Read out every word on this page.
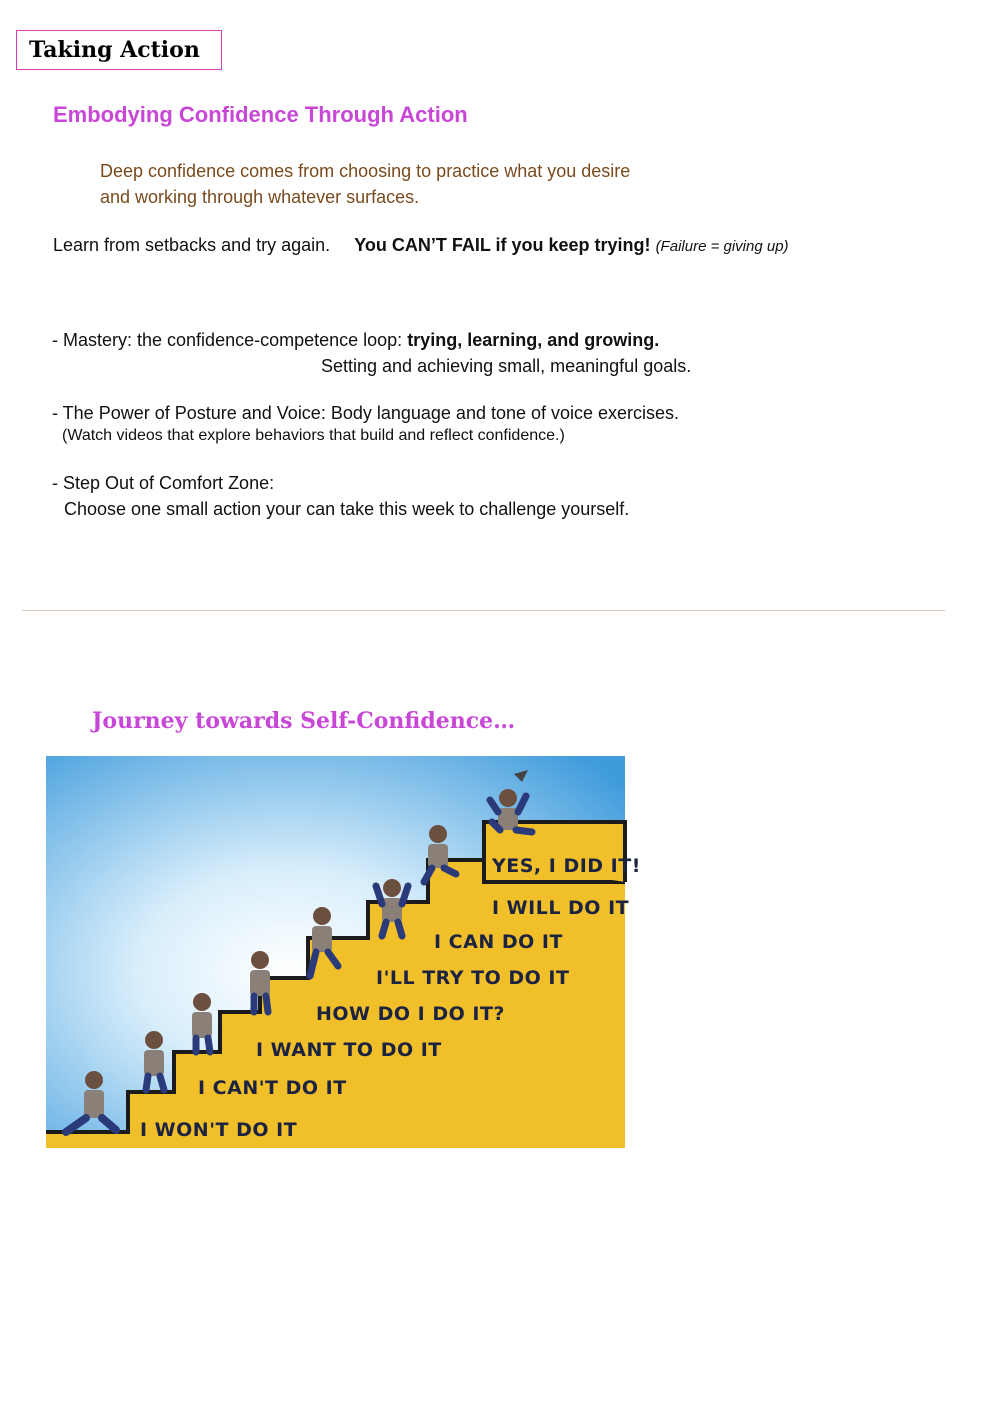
Taking Action
Embodying Confidence Through Action
Deep confidence comes from choosing to practice what you desire
and working through whatever surfaces.
Learn from setbacks and try again. You CAN’T FAIL if you keep trying! (Failure = giving up)
- Mastery: the confidence-competence loop: trying, learning, and growing.
Setting and achieving small, meaningful goals.
- The Power of Posture and Voice: Body language and tone of voice exercises.
(Watch videos that explore behaviors that build and reflect confidence.)
- Step Out of Comfort Zone:
Choose one small action your can take this week to challenge yourself.
Journey towards Self-Confidence…
I WON'T DO IT
I CAN'T DO IT
I WANT TO DO IT
HOW DO I DO IT?
I'LL TRY TO DO IT
I CAN DO IT
I WILL DO IT
YES, I DID IT!
